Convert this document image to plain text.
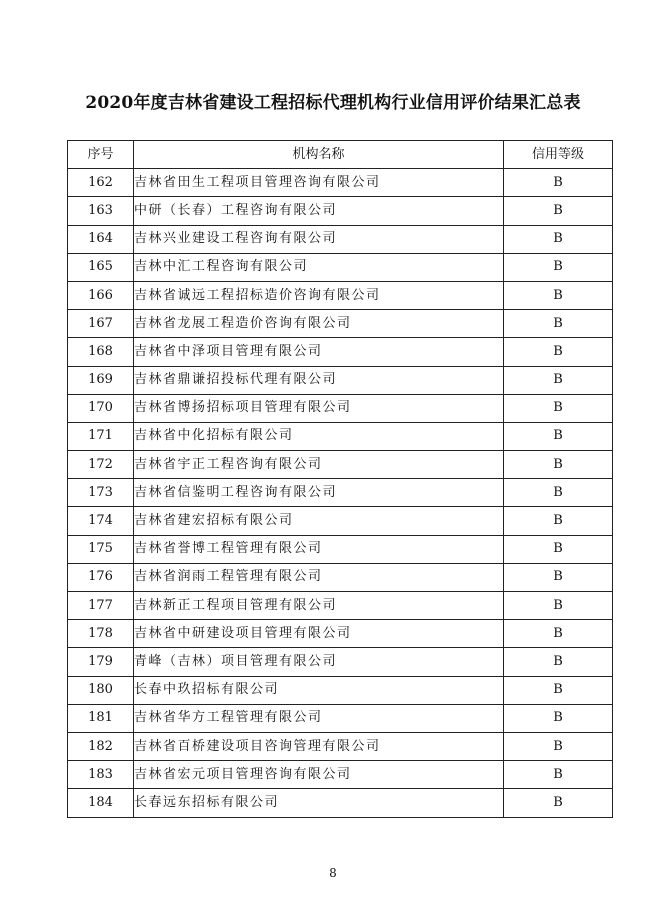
2020年度吉林省建设工程招标代理机构行业信用评价结果汇总表
序号	机构名称	信用等级
162	吉林省田生工程项目管理咨询有限公司	B
163	中研（长春）工程咨询有限公司	B
164	吉林兴业建设工程咨询有限公司	B
165	吉林中汇工程咨询有限公司	B
166	吉林省诚远工程招标造价咨询有限公司	B
167	吉林省龙展工程造价咨询有限公司	B
168	吉林省中泽项目管理有限公司	B
169	吉林省鼎谦招投标代理有限公司	B
170	吉林省博扬招标项目管理有限公司	B
171	吉林省中化招标有限公司	B
172	吉林省宇正工程咨询有限公司	B
173	吉林省信鉴明工程咨询有限公司	B
174	吉林省建宏招标有限公司	B
175	吉林省誉博工程管理有限公司	B
176	吉林省润雨工程管理有限公司	B
177	吉林新正工程项目管理有限公司	B
178	吉林省中研建设项目管理有限公司	B
179	青峰（吉林）项目管理有限公司	B
180	长春中玖招标有限公司	B
181	吉林省华方工程管理有限公司	B
182	吉林省百桥建设项目咨询管理有限公司	B
183	吉林省宏元项目管理咨询有限公司	B
184	长春远东招标有限公司	B
8
